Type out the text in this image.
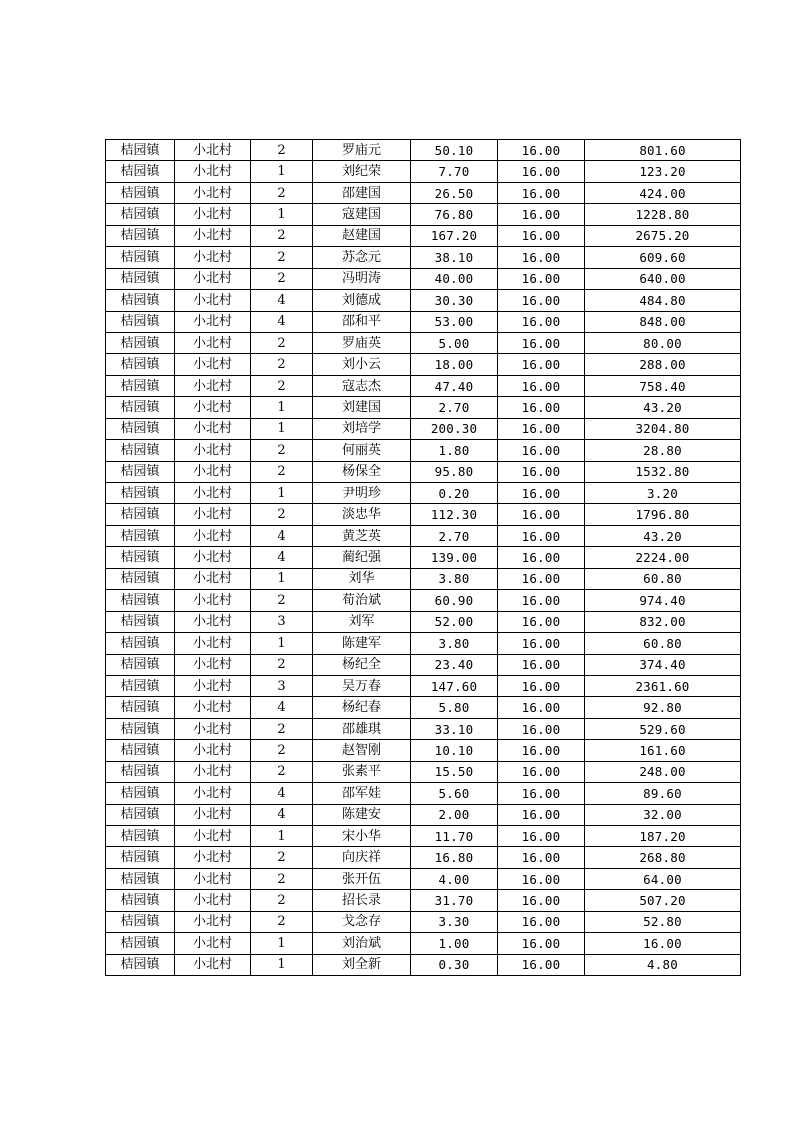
桔园镇	小北村	2	罗庙元	50.10	16.00	801.60
桔园镇	小北村	1	刘纪荣	7.70	16.00	123.20
桔园镇	小北村	2	邵建国	26.50	16.00	424.00
桔园镇	小北村	1	寇建国	76.80	16.00	1228.80
桔园镇	小北村	2	赵建国	167.20	16.00	2675.20
桔园镇	小北村	2	苏念元	38.10	16.00	609.60
桔园镇	小北村	2	冯明涛	40.00	16.00	640.00
桔园镇	小北村	4	刘德成	30.30	16.00	484.80
桔园镇	小北村	4	邵和平	53.00	16.00	848.00
桔园镇	小北村	2	罗庙英	5.00	16.00	80.00
桔园镇	小北村	2	刘小云	18.00	16.00	288.00
桔园镇	小北村	2	寇志杰	47.40	16.00	758.40
桔园镇	小北村	1	刘建国	2.70	16.00	43.20
桔园镇	小北村	1	刘培学	200.30	16.00	3204.80
桔园镇	小北村	2	何丽英	1.80	16.00	28.80
桔园镇	小北村	2	杨保全	95.80	16.00	1532.80
桔园镇	小北村	1	尹明珍	0.20	16.00	3.20
桔园镇	小北村	2	淡忠华	112.30	16.00	1796.80
桔园镇	小北村	4	黄芝英	2.70	16.00	43.20
桔园镇	小北村	4	蔺纪强	139.00	16.00	2224.00
桔园镇	小北村	1	刘华	3.80	16.00	60.80
桔园镇	小北村	2	荀治斌	60.90	16.00	974.40
桔园镇	小北村	3	刘军	52.00	16.00	832.00
桔园镇	小北村	1	陈建军	3.80	16.00	60.80
桔园镇	小北村	2	杨纪全	23.40	16.00	374.40
桔园镇	小北村	3	吴万春	147.60	16.00	2361.60
桔园镇	小北村	4	杨纪春	5.80	16.00	92.80
桔园镇	小北村	2	邵雄琪	33.10	16.00	529.60
桔园镇	小北村	2	赵智刚	10.10	16.00	161.60
桔园镇	小北村	2	张素平	15.50	16.00	248.00
桔园镇	小北村	4	邵军娃	5.60	16.00	89.60
桔园镇	小北村	4	陈建安	2.00	16.00	32.00
桔园镇	小北村	1	宋小华	11.70	16.00	187.20
桔园镇	小北村	2	向庆祥	16.80	16.00	268.80
桔园镇	小北村	2	张开伍	4.00	16.00	64.00
桔园镇	小北村	2	招长录	31.70	16.00	507.20
桔园镇	小北村	2	戈念存	3.30	16.00	52.80
桔园镇	小北村	1	刘治斌	1.00	16.00	16.00
桔园镇	小北村	1	刘全新	0.30	16.00	4.80
